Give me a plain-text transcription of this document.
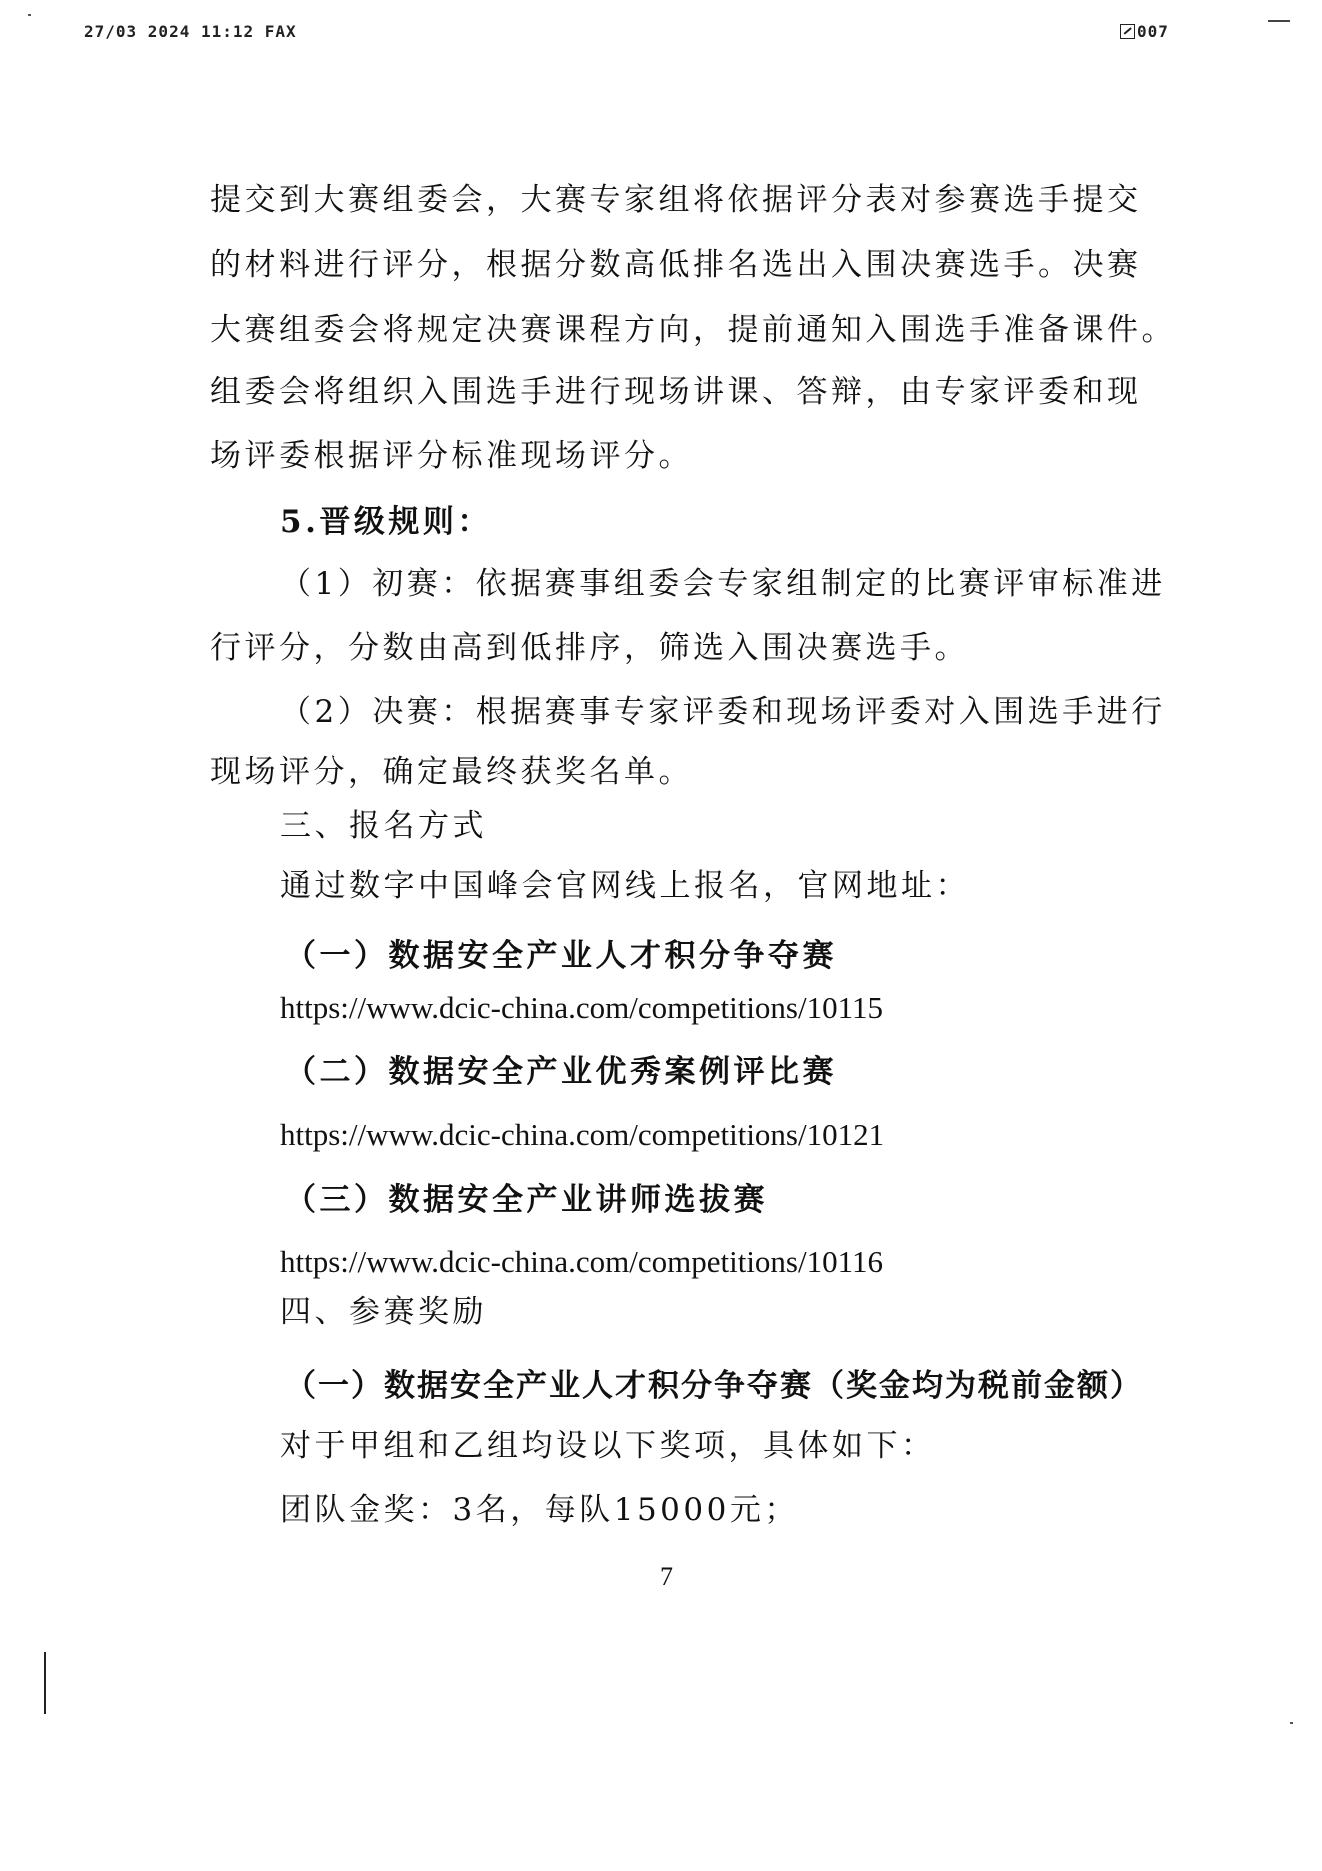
27/03 2024 11:12 FAX	007
提交到大赛组委会，大赛专家组将依据评分表对参赛选手提交
的材料进行评分，根据分数高低排名选出入围决赛选手。决赛
大赛组委会将规定决赛课程方向，提前通知入围选手准备课件。
组委会将组织入围选手进行现场讲课、答辩，由专家评委和现
场评委根据评分标准现场评分。
5.晋级规则：
（1）初赛：依据赛事组委会专家组制定的比赛评审标准进
行评分，分数由高到低排序，筛选入围决赛选手。
（2）决赛：根据赛事专家评委和现场评委对入围选手进行
现场评分，确定最终获奖名单。
三、报名方式
通过数字中国峰会官网线上报名，官网地址：
（一）数据安全产业人才积分争夺赛
https://www.dcic-china.com/competitions/10115
（二）数据安全产业优秀案例评比赛
https://www.dcic-china.com/competitions/10121
（三）数据安全产业讲师选拔赛
https://www.dcic-china.com/competitions/10116
四、参赛奖励
（一）数据安全产业人才积分争夺赛（奖金均为税前金额）
对于甲组和乙组均设以下奖项，具体如下：
团队金奖：3名，每队15000元；
7
